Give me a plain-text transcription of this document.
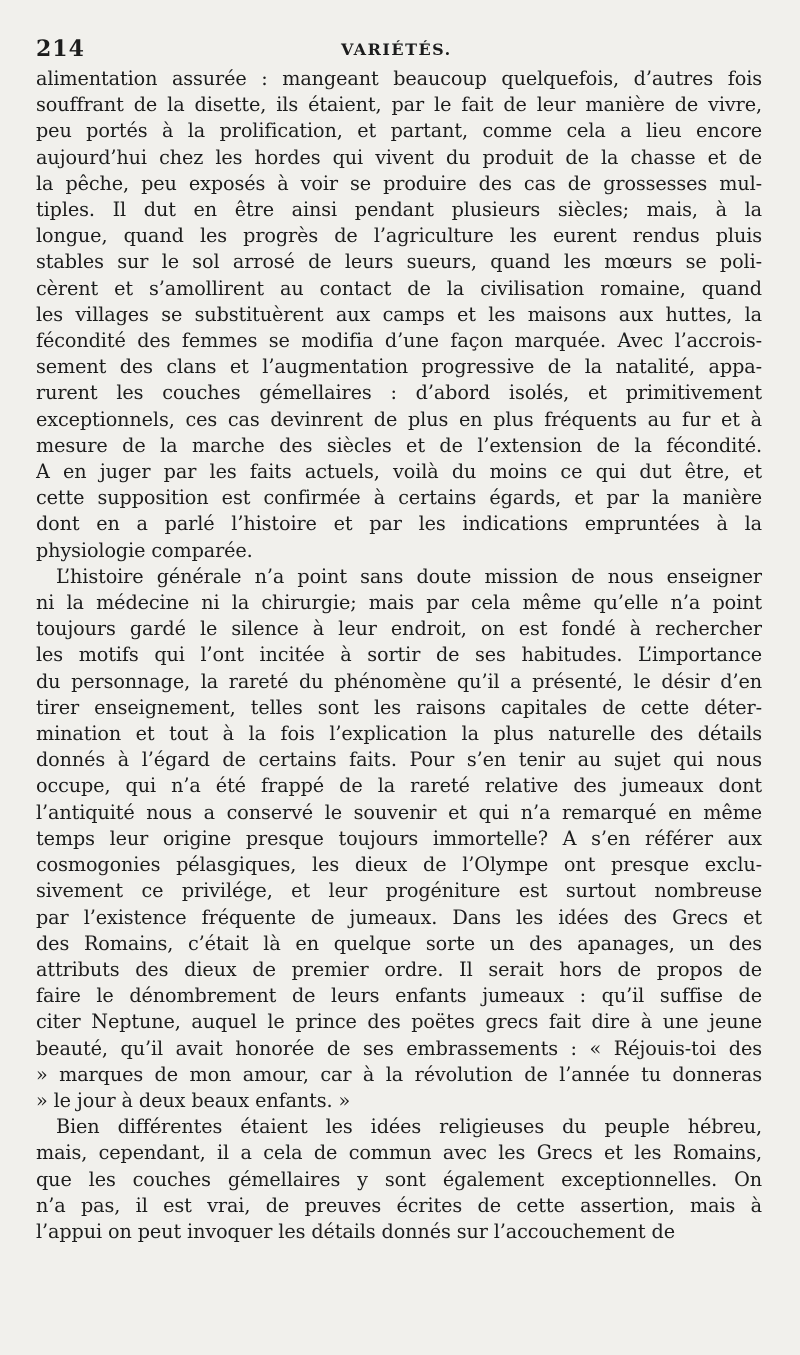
214	VARIÉTÉS.
alimentation assurée : mangeant beaucoup quelquefois, d’autres fois
souffrant de la disette, ils étaient, par le fait de leur manière de vivre,
peu portés à la prolification, et partant, comme cela a lieu encore
aujourd’hui chez les hordes qui vivent du produit de la chasse et de
la pêche, peu exposés à voir se produire des cas de grossesses mul-
tiples. Il dut en être ainsi pendant plusieurs siècles; mais, à la
longue, quand les progrès de l’agriculture les eurent rendus pluis
stables sur le sol arrosé de leurs sueurs, quand les mœurs se poli-
cèrent et s’amollirent au contact de la civilisation romaine, quand
les villages se substituèrent aux camps et les maisons aux huttes, la
fécondité des femmes se modifia d’une façon marquée. Avec l’accrois-
sement des clans et l’augmentation progressive de la natalité, appa-
rurent les couches gémellaires : d’abord isolés, et primitivement
exceptionnels, ces cas devinrent de plus en plus fréquents au fur et à
mesure de la marche des siècles et de l’extension de la fécondité.
A en juger par les faits actuels, voilà du moins ce qui dut être, et
cette supposition est confirmée à certains égards, et par la manière
dont en a parlé l’histoire et par les indications empruntées à la
physiologie comparée.
L’histoire générale n’a point sans doute mission de nous enseigner
ni la médecine ni la chirurgie; mais par cela même qu’elle n’a point
toujours gardé le silence à leur endroit, on est fondé à rechercher
les motifs qui l’ont incitée à sortir de ses habitudes. L’importance
du personnage, la rareté du phénomène qu’il a présenté, le désir d’en
tirer enseignement, telles sont les raisons capitales de cette déter-
mination et tout à la fois l’explication la plus naturelle des détails
donnés à l’égard de certains faits. Pour s’en tenir au sujet qui nous
occupe, qui n’a été frappé de la rareté relative des jumeaux dont
l’antiquité nous a conservé le souvenir et qui n’a remarqué en même
temps leur origine presque toujours immortelle? A s’en référer aux
cosmogonies pélasgiques, les dieux de l’Olympe ont presque exclu-
sivement ce privilége, et leur progéniture est surtout nombreuse
par l’existence fréquente de jumeaux. Dans les idées des Grecs et
des Romains, c’était là en quelque sorte un des apanages, un des
attributs des dieux de premier ordre. Il serait hors de propos de
faire le dénombrement de leurs enfants jumeaux : qu’il suffise de
citer Neptune, auquel le prince des poëtes grecs fait dire à une jeune
beauté, qu’il avait honorée de ses embrassements : « Réjouis-toi des
» marques de mon amour, car à la révolution de l’année tu donneras
» le jour à deux beaux enfants. »
Bien différentes étaient les idées religieuses du peuple hébreu,
mais, cependant, il a cela de commun avec les Grecs et les Romains,
que les couches gémellaires y sont également exceptionnelles. On
n’a pas, il est vrai, de preuves écrites de cette assertion, mais à
l’appui on peut invoquer les détails donnés sur l’accouchement de
